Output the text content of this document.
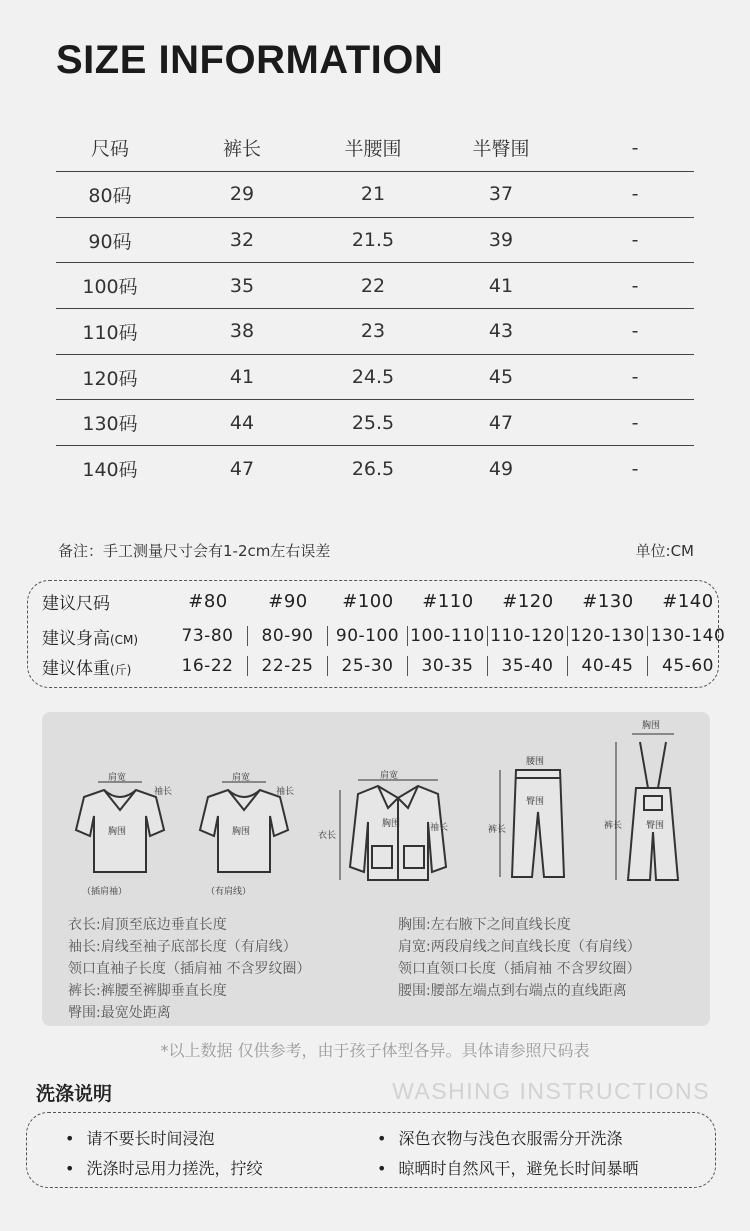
SIZE INFORMATION
尺码	裤长	半腰围	半臀围	-
80码	29	21	37	-
90码	32	21.5	39	-
100码	35	22	41	-
110码	38	23	43	-
120码	41	24.5	45	-
130码	44	25.5	47	-
140码	47	26.5	49	-
备注：手工测量尺寸会有1-2cm左右误差	单位:CM
建议尺码	#80	#90	#100	#110	#120	#130	#140
建议身高(CM)	73-80	80-90	90-100 100-110 110-120 120-130 130-140
建议体重(斤)	16-22	22-25	25-30	30-35	35-40	40-45	45-60
肩宽	肩宽	肩宽
胸围	胸围
胸围
袖长	袖长
袖长
衣长
腰围
臀围
裤长
胸围
裤长	臀围
（插肩袖）	（有肩线）
衣长:肩顶至底边垂直长度
袖长:肩线至袖子底部长度（有肩线）
领口直袖子长度（插肩袖 不含罗纹圈）
裤长:裤腰至裤脚垂直长度
臀围:最宽处距离
胸围:左右腋下之间直线长度
肩宽:两段肩线之间直线长度（有肩线）
领口直领口长度（插肩袖 不含罗纹圈）
腰围:腰部左端点到右端点的直线距离
*以上数据 仅供参考，由于孩子体型各异。具体请参照尺码表
洗涤说明	WASHING INSTRUCTIONS
• 请不要长时间浸泡
• 洗涤时忌用力搓洗，拧绞
• 深色衣物与浅色衣服需分开洗涤
• 晾晒时自然风干，避免长时间暴晒
